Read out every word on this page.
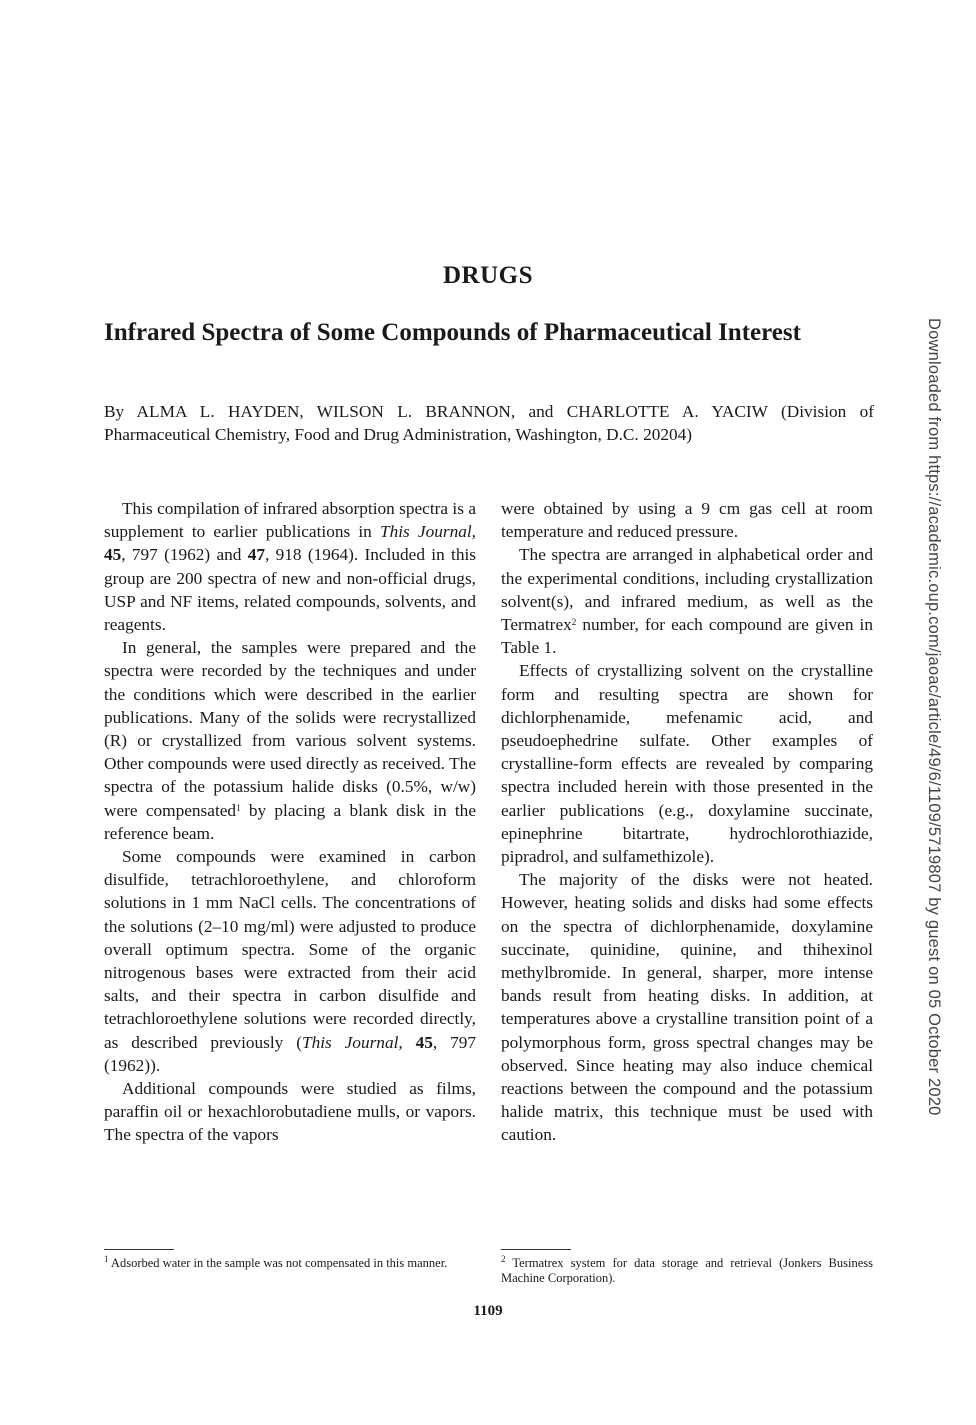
DRUGS
Infrared Spectra of Some Compounds of Pharmaceutical Interest

By ALMA L. HAYDEN, WILSON L. BRANNON, and CHARLOTTE A. YACIW (Division of Pharmaceutical Chemistry, Food and Drug Administration, Washington, D.C. 20204)

This compilation of infrared absorption spectra is a supplement to earlier publications in This Journal, 45, 797 (1962) and 47, 918 (1964). Included in this group are 200 spectra of new and non-official drugs, USP and NF items, related compounds, solvents, and reagents.

In general, the samples were prepared and the spectra were recorded by the techniques and under the conditions which were described in the earlier publications. Many of the solids were recrystallized (R) or crystallized from various solvent systems. Other compounds were used directly as received. The spectra of the potassium halide disks (0.5%, w/w) were compensated$^1$ by placing a blank disk in the reference beam.

Some compounds were examined in carbon disulfide, tetrachloroethylene, and chloroform solutions in 1 mm NaCl cells. The concentrations of the solutions (2–10 mg/ml) were adjusted to produce overall optimum spectra. Some of the organic nitrogenous bases were extracted from their acid salts, and their spectra in carbon disulfide and tetrachloroethylene solutions were recorded directly, as described previously (This Journal, 45, 797 (1962)).

Additional compounds were studied as films, paraffin oil or hexachlorobutadiene mulls, or vapors. The spectra of the vapors

were obtained by using a 9 cm gas cell at room temperature and reduced pressure.

The spectra are arranged in alphabetical order and the experimental conditions, including crystallization solvent(s), and infrared medium, as well as the Termatrex$^2$ number, for each compound are given in Table 1.

Effects of crystallizing solvent on the crystalline form and resulting spectra are shown for dichlorphenamide, mefenamic acid, and pseudoephedrine sulfate. Other examples of crystalline-form effects are revealed by comparing spectra included herein with those presented in the earlier publications (e.g., doxylamine succinate, epinephrine bitartrate, hydrochlorothiazide, pipradrol, and sulfamethizole).

The majority of the disks were not heated. However, heating solids and disks had some effects on the spectra of dichlorphenamide, doxylamine succinate, quinidine, quinine, and thihexinol methylbromide. In general, sharper, more intense bands result from heating disks. In addition, at temperatures above a crystalline transition point of a polymorphous form, gross spectral changes may be observed. Since heating may also induce chemical reactions between the compound and the potassium halide matrix, this technique must be used with caution.

$^1$ Adsorbed water in the sample was not compensated in this manner.	$^2$ Termatrex system for data storage and retrieval (Jonkers Business Machine Corporation).
1109
Downloaded from https://academic.oup.com/jaoac/article/49/6/1109/5719807 by guest on 05 October 2020
